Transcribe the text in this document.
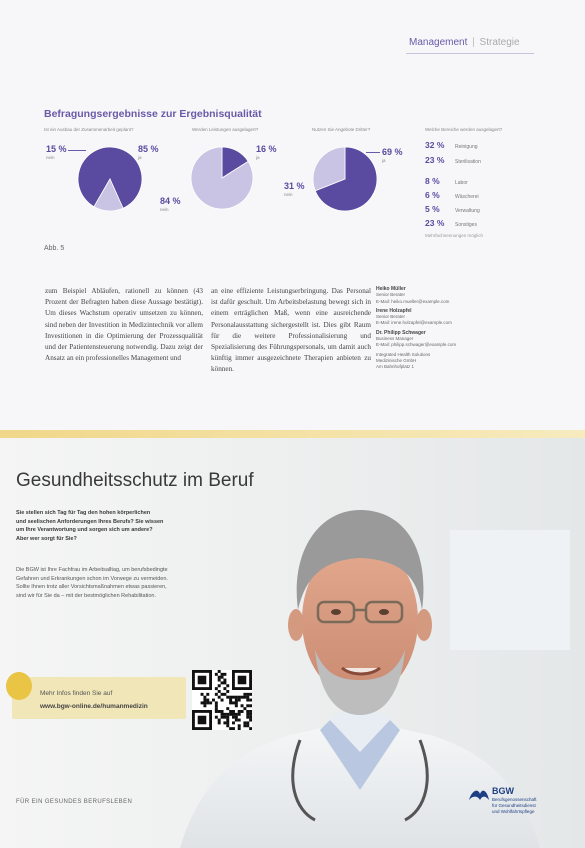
Management | Strategie
Befragungsergebnisse zur Ergebnisqualität
Ist ein Ausbau der Zusammenarbeit geplant?
15 %
nein
85 %
ja
Werden Leistungen ausgelagert?
16 %
ja
84 %
nein
Nutzen Sie Angebote Dritter?
69 %
ja
31 %
nein
Welche Bereiche werden ausgelagert?
32 % Reinigung
23 % Sterilisation
8 %	Labor
6 %	Wäscherei
5 %	Verwaltung
23 % Sonstiges
Mehrfachnennungen möglich
Abb. 5
zum Beispiel Abläufen, rationell zu können (43 Prozent der Befragten haben diese Aussage bestätigt). Um dieses Wachstum operativ umsetzen zu können, sind neben der Investition in Medizintechnik vor allem Investitionen in die Optimierung der Prozessqualität und der Patientensteuerung notwendig. Dazu zeigt der Ansatz an ein professionelles Management und
an eine effiziente Leistungserbringung. Das Personal ist dafür geschult. Um Arbeitsbelastung bewegt sich in einem erträglichen Maß, wenn eine ausreichende Personalausstattung sichergestellt ist. Dies gibt Raum für die weitere Professionalisierung und Spezialisierung des Führungspersonals, um damit auch künftig immer ausgezeichnete Therapien anbieten zu können.
Heiko Müller
Senior Berater
E-Mail: heiko.mueller@example.com
Irene Holzapfel
Senior Berater
E-Mail: irene.holzapfel@example.com
Dr. Philipp Schwager
Business Manager
E-Mail: philipp.schwager@example.com
Integrated Health Solutions
Medizinische GmbH
Am Bahnhofplatz 1
Gesundheitsschutz im Beruf

Sie stellen sich Tag für Tag den hohen körperlichen

und seelischen Anforderungen Ihres Berufs? Sie wissen

um Ihre Verantwortung und sorgen sich um andere?

Aber wer sorgt für Sie?

Die BGW ist Ihre Fachfrau im Arbeitsalltag, um berufsbedingte

Gefahren und Erkrankungen schon im Vorwege zu vermeiden.

Sollte Ihnen trotz aller Vorsichtsmaßnahmen etwas passieren,

sind wir für Sie da – mit der bestmöglichen Rehabilitation.

Mehr Infos finden Sie auf
www.bgw-online.de/humanmedizin
FÜR EIN GESUNDES BERUFSLEBEN
BGW
Berufsgenossenschaft
für Gesundheitsdienst
und Wohlfahrtspflege
